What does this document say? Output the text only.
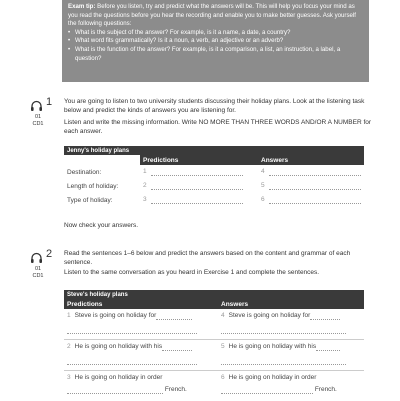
Exam tip: Before you listen, try and predict what the answers will be. This will help you focus your mind as you read the questions before you hear the recording and enable you to make better guesses. Ask yourself the following questions:
• What is the subject of the answer? For example, is it a name, a date, a country?
• What word fits grammatically? Is it a noun, a verb, an adjective or an adverb?
• What is the function of the answer? For example, is it a comparison, a list, an instruction, a label, a question?
1
01
CD1

You are going to listen to two university students discussing their holiday plans. Look at the listening task below and predict the kinds of answers you are listening for.

Listen and write the missing information. Write NO MORE THAN THREE WORDS AND/OR A NUMBER for each answer.

Jenny's holiday plans		
	Predictions	Answers
Destination:	1	4
Length of holiday:	2	5
Type of holiday:	3	6

Now check your answers.

2
01
CD1

Read the sentences 1–6 below and predict the answers based on the content and grammar of each sentence.

Listen to the same conversation as you heard in Exercise 1 and complete the sentences.

Steve's holiday plans	
Predictions	Answers
1 Steve is going on holiday for	4 Steve is going on holiday for

2 He is going on holiday with his	5 He is going on holiday with his

3 He is going on holiday in order
French.	6 He is going on holiday in order
French.
